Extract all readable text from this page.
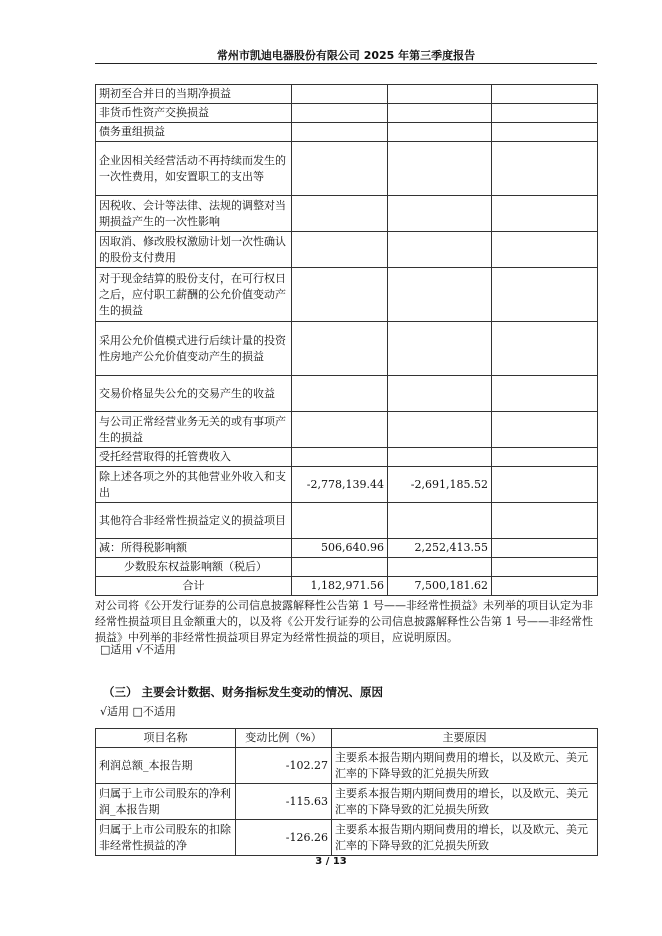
常州市凯迪电器股份有限公司 2025 年第三季度报告
期初至合并日的当期净损益			
非货币性资产交换损益			
债务重组损益			
企业因相关经营活动不再持续而发生的一次性费用，如安置职工的支出等			
因税收、会计等法律、法规的调整对当期损益产生的一次性影响			
因取消、修改股权激励计划一次性确认的股份支付费用			
对于现金结算的股份支付，在可行权日之后，应付职工薪酬的公允价值变动产生的损益			
采用公允价值模式进行后续计量的投资性房地产公允价值变动产生的损益			
交易价格显失公允的交易产生的收益			
与公司正常经营业务无关的或有事项产生的损益			
受托经营取得的托管费收入			
除上述各项之外的其他营业外收入和支出	-2,778,139.44	-2,691,185.52	
其他符合非经常性损益定义的损益项目			
减：所得税影响额	506,640.96	2,252,413.55	
少数股东权益影响额（税后）			
合计	1,182,971.56	7,500,181.62	
对公司将《公开发行证券的公司信息披露解释性公告第 1 号——非经常性损益》未列举的项目认定为非经常性损益项目且金额重大的，以及将《公开发行证券的公司信息披露解释性公告第 1 号——非经常性损益》中列举的非经常性损益项目界定为经常性损益的项目，应说明原因。
□适用 √不适用
（三） 主要会计数据、财务指标发生变动的情况、原因
√适用 □不适用
项目名称	变动比例（%）	主要原因
利润总额_本报告期	-102.27	主要系本报告期内期间费用的增长，以及欧元、美元汇率的下降导致的汇兑损失所致
归属于上市公司股东的净利润_本报告期	-115.63	主要系本报告期内期间费用的增长，以及欧元、美元汇率的下降导致的汇兑损失所致
归属于上市公司股东的扣除非经常性损益的净	-126.26	主要系本报告期内期间费用的增长，以及欧元、美元汇率的下降导致的汇兑损失所致
3 / 13
